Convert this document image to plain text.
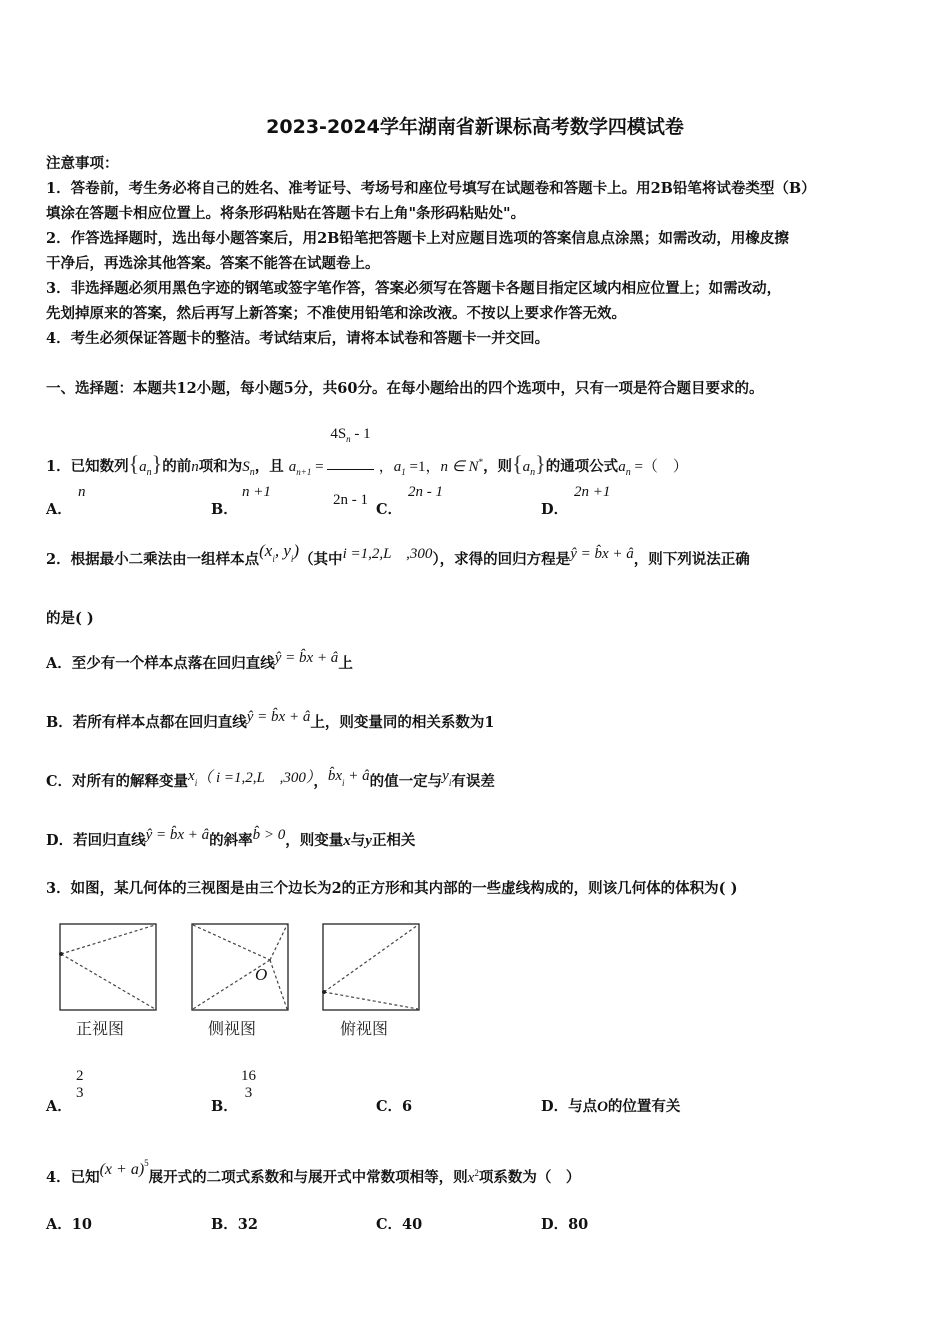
2023-2024学年湖南省新课标高考数学四模试卷
注意事项：
1．答卷前，考生务必将自己的姓名、准考证号、考场号和座位号填写在试题卷和答题卡上。用2B铅笔将试卷类型（B）
填涂在答题卡相应位置上。将条形码粘贴在答题卡右上角"条形码粘贴处"。
2．作答选择题时，选出每小题答案后，用2B铅笔把答题卡上对应题目选项的答案信息点涂黑；如需改动，用橡皮擦
干净后，再选涂其他答案。答案不能答在试题卷上。
3．非选择题必须用黑色字迹的钢笔或签字笔作答，答案必须写在答题卡各题目指定区域内相应位置上；如需改动，
先划掉原来的答案，然后再写上新答案；不准使用铅笔和涂改液。不按以上要求作答无效。
4．考生必须保证答题卡的整洁。考试结束后，请将本试卷和答题卡一并交回。
一、选择题：本题共12小题，每小题5分，共60分。在每小题给出的四个选项中，只有一项是符合题目要求的。
1．已知数列$\{a_n\}$的前n项和为$S_n$，且 $a_{n+1} = \frac{4S_n - 1}{2n - 1}$ ，$a_1 =1$，n ∈ N*，则$\{a_n\}$的通项公式$a_n$ =（　）
A．
n
B．
n +1
C．
2n - 1
D．
2n +1
2．根据最小二乘法由一组样本点($x_i$, $y_i$)（其中i =1,2,L　,300），求得的回归方程是ŷ = b̂x + â，则下列说法正确
的是( )
A．至少有一个样本点落在回归直线ŷ = b̂x + â上
B．若所有样本点都在回归直线ŷ = b̂x + â上，则变量同的相关系数为1
C．对所有的解释变量$x_i$（ i =1,2,L　,300），$b̂x_i$ + â的值一定与$y_i$有误差
D．若回归直线ŷ = b̂x + â的斜率b̂ > 0，则变量x与y正相关
3．如图，某几何体的三视图是由三个边长为2的正方形和其内部的一些虚线构成的，则该几何体的体积为( )
正视图
O
侧视图	俯视图
A．
2
3
B．
16
3
C．6	D．与点O的位置有关
4．已知$(x + a)^5$展开式的二项式系数和与展开式中常数项相等，则$x^2$项系数为（　）
A．10	B．32	C．40	D．80
